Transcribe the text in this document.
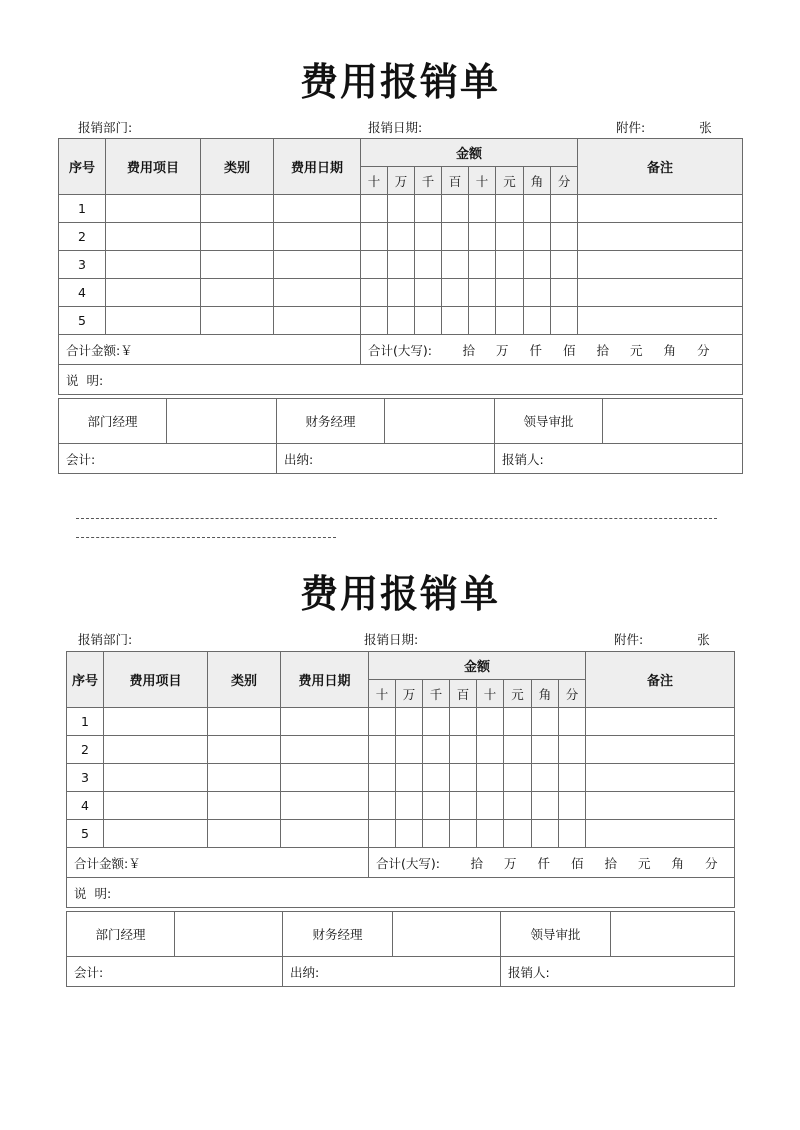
费用报销单
报销部门:	报销日期:	附件:	张
序号	费用项目	类别	费用日期	金额								备注
				十	万	千	百	十	元	角	分	
1												
2												
3												
4												
5												
合计金额:￥				合计(大写): 拾 万 仟 佰 拾 元 角 分								
说  明:												
部门经理		财务经理		领导审批	
会计:		出纳:		报销人:	
费用报销单
报销部门:	报销日期:	附件:	张
序号	费用项目	类别	费用日期	金额								备注
				十	万	千	百	十	元	角	分	
1												
2												
3												
4												
5												
合计金额:￥				合计(大写): 拾 万 仟 佰 拾 元 角 分								
说  明:												
部门经理		财务经理		领导审批	
会计:		出纳:		报销人:	
